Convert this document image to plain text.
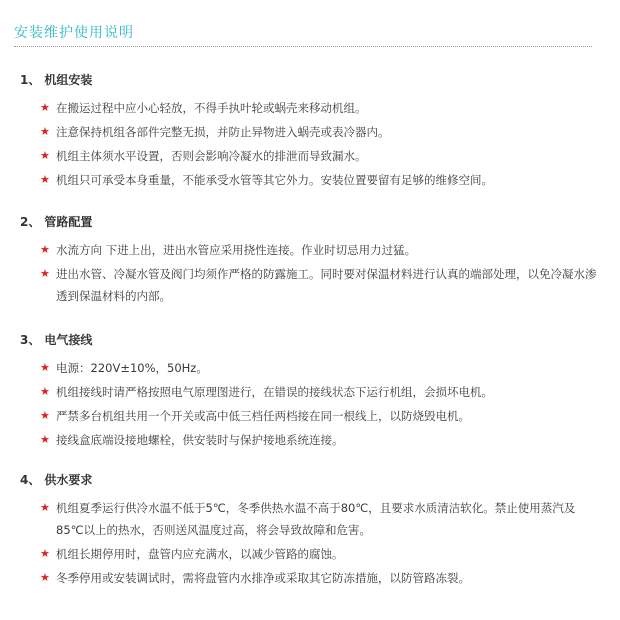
安装维护使用说明
1、 机组安装
★ 在搬运过程中应小心轻放，不得手执叶轮或蜗壳来移动机组。
★ 注意保持机组各部件完整无损，并防止异物进入蜗壳或表冷器内。
★ 机组主体须水平设置，否则会影响冷凝水的排泄而导致漏水。
★ 机组只可承受本身重量，不能承受水管等其它外力。安装位置要留有足够的维修空间。
2、 管路配置
★ 水流方向 下进上出，进出水管应采用挠性连接。作业时切忌用力过猛。
★ 进出水管、冷凝水管及阀门均须作严格的防露施工。同时要对保温材料进行认真的端部处理，以免冷凝水渗透到保温材料的内部。
3、 电气接线
★ 电源：220V±10%，50Hz。
★ 机组接线时请严格按照电气原理图进行，在错误的接线状态下运行机组，会损坏电机。
★ 严禁多台机组共用一个开关或高中低三档任两档接在同一根线上，以防烧毁电机。
★ 接线盒底端设接地螺栓，供安装时与保护接地系统连接。
4、 供水要求
★ 机组夏季运行供冷水温不低于5℃，冬季供热水温不高于80℃，且要求水质清洁软化。禁止使用蒸汽及85℃以上的热水，否则送风温度过高，将会导致故障和危害。
★ 机组长期停用时，盘管内应充满水，以减少管路的腐蚀。
★ 冬季停用或安装调试时，需将盘管内水排净或采取其它防冻措施，以防管路冻裂。
